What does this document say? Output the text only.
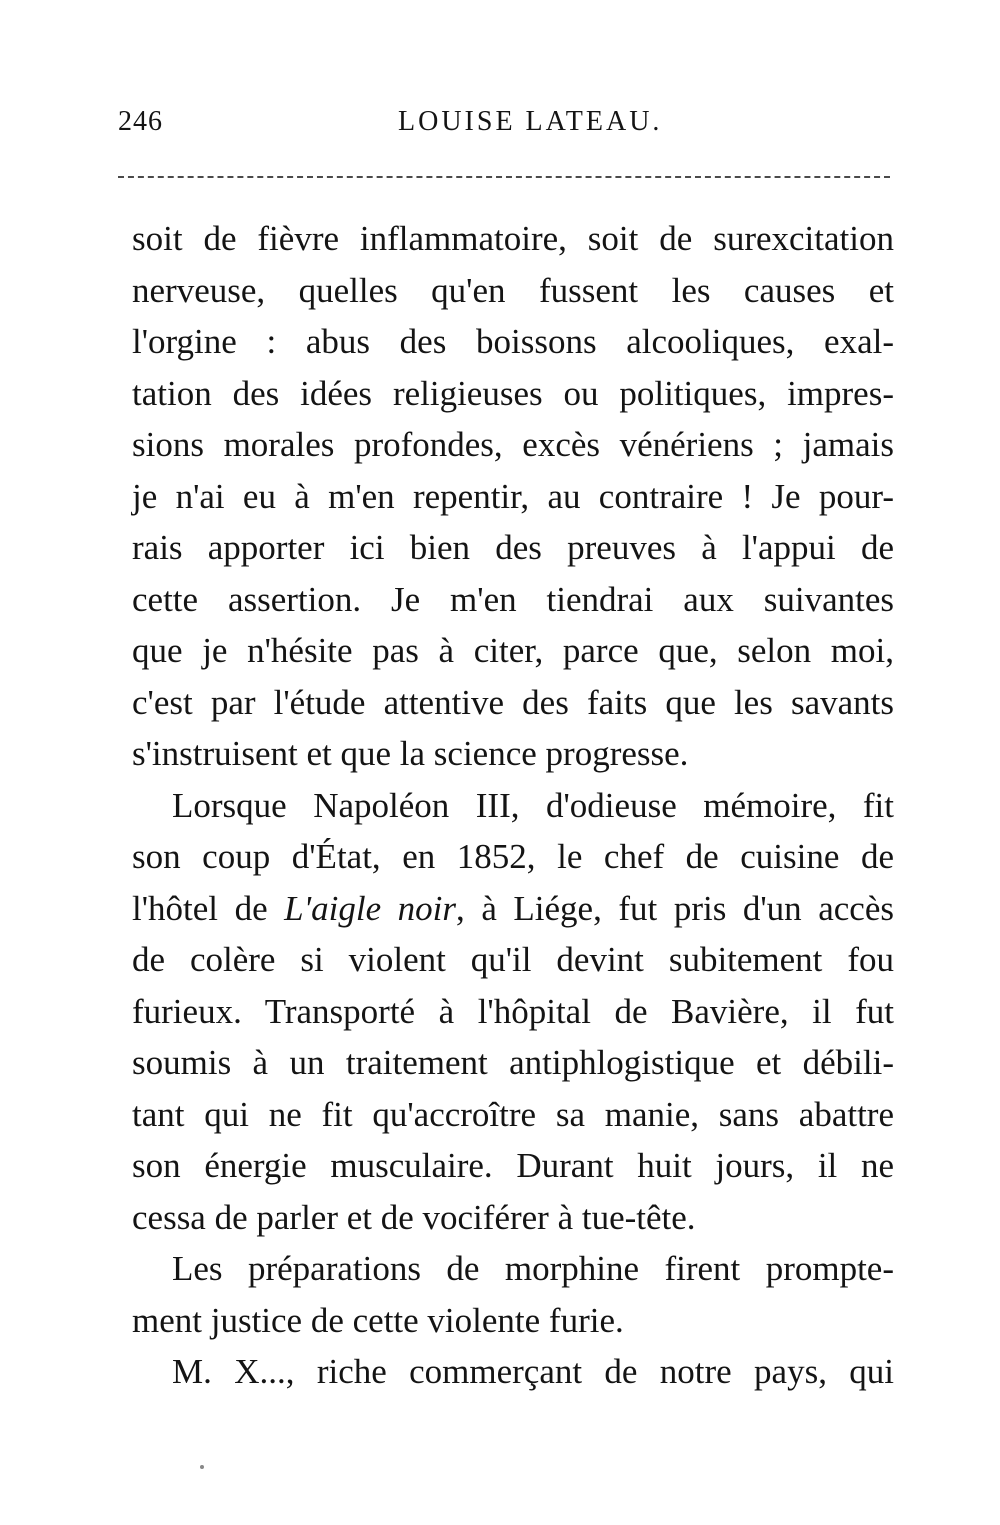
246	LOUISE LATEAU.
soit de fièvre inflammatoire, soit de surexcitation
nerveuse, quelles qu'en fussent les causes et
l'orgine : abus des boissons alcooliques, exal-
tation des idées religieuses ou politiques, impres-
sions morales profondes, excès vénériens ; jamais
je n'ai eu à m'en repentir, au contraire ! Je pour-
rais apporter ici bien des preuves à l'appui de
cette assertion. Je m'en tiendrai aux suivantes
que je n'hésite pas à citer, parce que, selon moi,
c'est par l'étude attentive des faits que les savants
s'instruisent et que la science progresse.
Lorsque Napoléon III, d'odieuse mémoire, fit
son coup d'État, en 1852, le chef de cuisine de
l'hôtel de L'aigle noir, à Liége, fut pris d'un accès
de colère si violent qu'il devint subitement fou
furieux. Transporté à l'hôpital de Bavière, il fut
soumis à un traitement antiphlogistique et débili-
tant qui ne fit qu'accroître sa manie, sans abattre
son énergie musculaire. Durant huit jours, il ne
cessa de parler et de vociférer à tue-tête.
Les préparations de morphine firent prompte-
ment justice de cette violente furie.
M. X..., riche commerçant de notre pays, qui
